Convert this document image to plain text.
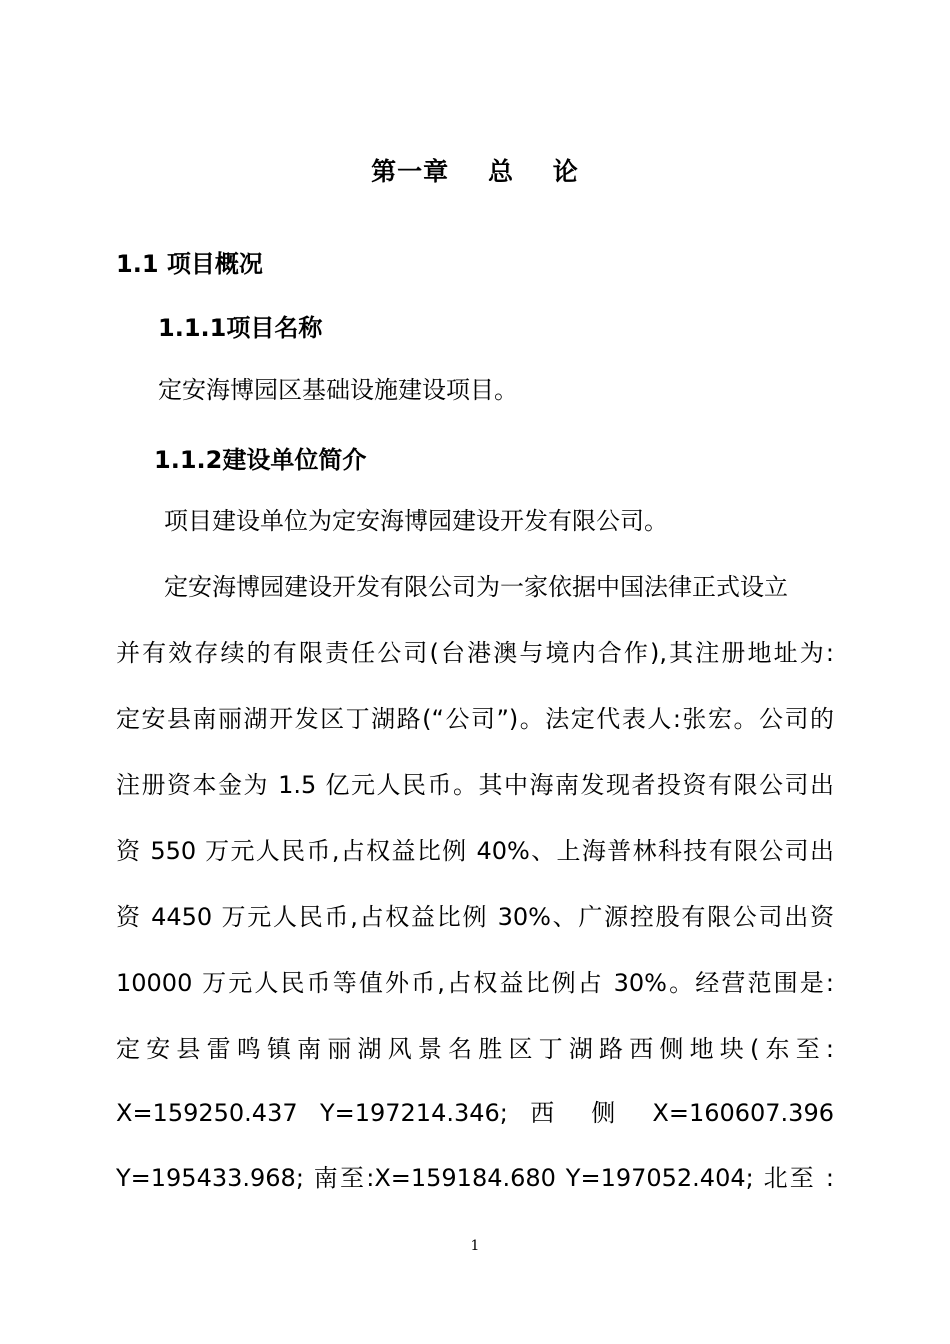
第一章    总    论
1.1 项目概况
1.1.1项目名称
定安海博园区基础设施建设项目。
1.1.2建设单位简介
项目建设单位为定安海博园建设开发有限公司。
定安海博园建设开发有限公司为一家依据中国法律正式设立
并有效存续的有限责任公司(台港澳与境内合作),其注册地址为:
定安县南丽湖开发区丁湖路(“公司”)。法定代表人:张宏。公司的
注册资本金为 1.5 亿元人民币。其中海南发现者投资有限公司出
资 550 万元人民币,占权益比例 40%、上海普林科技有限公司出
资 4450 万元人民币,占权益比例 30%、广源控股有限公司出资
10000 万元人民币等值外币,占权益比例占 30%。经营范围是:
定安县雷鸣镇南丽湖风景名胜区丁湖路西侧地块(东至:
X=159250.437 Y=197214.346; 西 侧 X=160607.396
Y=195433.968; 南至:X=159184.680 Y=197052.404; 北至 :
1
